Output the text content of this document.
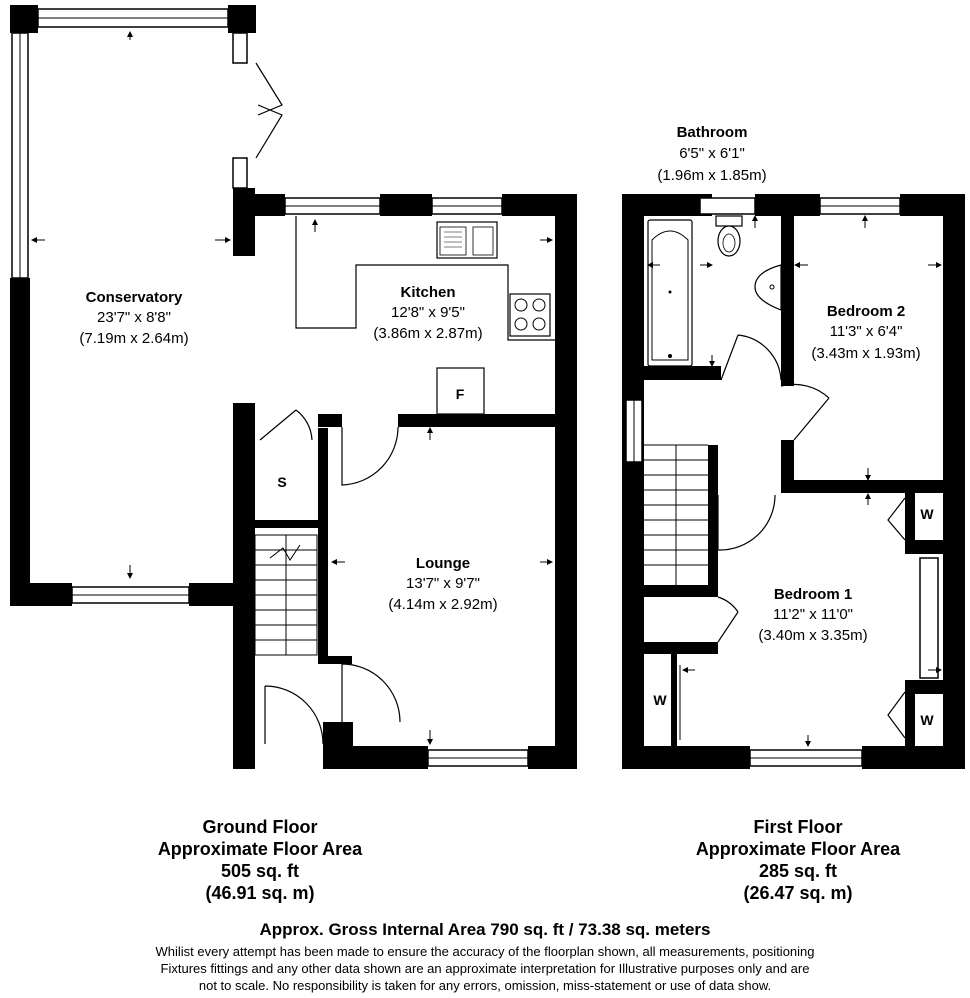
Conservatory
23'7" x 8'8"
(7.19m x 2.64m)
Kitchen
12'8" x 9'5"
(3.86m x 2.87m)
F
S
Lounge
13'7" x 9'7"
(4.14m x 2.92m)
Bathroom
6'5" x 6'1"
(1.96m x 1.85m)
Bedroom 2
11'3" x 6'4"
(3.43m x 1.93m)
Bedroom 1
11'2" x 11'0"
(3.40m x 3.35m)
W
W
W
Ground Floor
Approximate Floor Area
505 sq. ft
(46.91 sq. m)
First Floor
Approximate Floor Area
285 sq. ft
(26.47 sq. m)
Approx. Gross Internal Area 790 sq. ft / 73.38 sq. meters
Whilist every attempt has been made to ensure the accuracy of the floorplan shown, all measurements, positioning
Fixtures fittings and any other data shown are an approximate interpretation for Illustrative purposes only and are
not to scale. No responsibility is taken for any errors, omission, miss-statement or use of data show.
